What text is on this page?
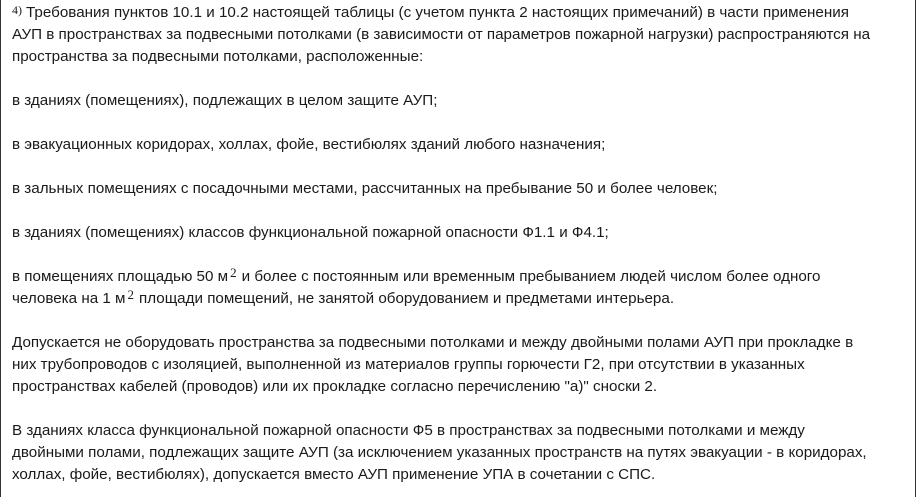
4) Требования пунктов 10.1 и 10.2 настоящей таблицы (с учетом пункта 2 настоящих примечаний) в части применения
АУП в пространствах за подвесными потолками (в зависимости от параметров пожарной нагрузки) распространяются на
пространства за подвесными потолками, расположенные:

в зданиях (помещениях), подлежащих в целом защите АУП;

в эвакуационных коридорах, холлах, фойе, вестибюлях зданий любого назначения;

в зальных помещениях с посадочными местами, рассчитанных на пребывание 50 и более человек;

в зданиях (помещениях) классов функциональной пожарной опасности Ф1.1 и Ф4.1;

в помещениях площадью 50 м 2 и более с постоянным или временным пребыванием людей числом более одного
человека на 1 м 2 площади помещений, не занятой оборудованием и предметами интерьера.

Допускается не оборудовать пространства за подвесными потолками и между двойными полами АУП при прокладке в
них трубопроводов с изоляцией, выполненной из материалов группы горючести Г2, при отсутствии в указанных
пространствах кабелей (проводов) или их прокладке согласно перечислению "а)" сноски 2.

В зданиях класса функциональной пожарной опасности Ф5 в пространствах за подвесными потолками и между
двойными полами, подлежащих защите АУП (за исключением указанных пространств на путях эвакуации - в коридорах,
холлах, фойе, вестибюлях), допускается вместо АУП применение УПА в сочетании с СПС.
